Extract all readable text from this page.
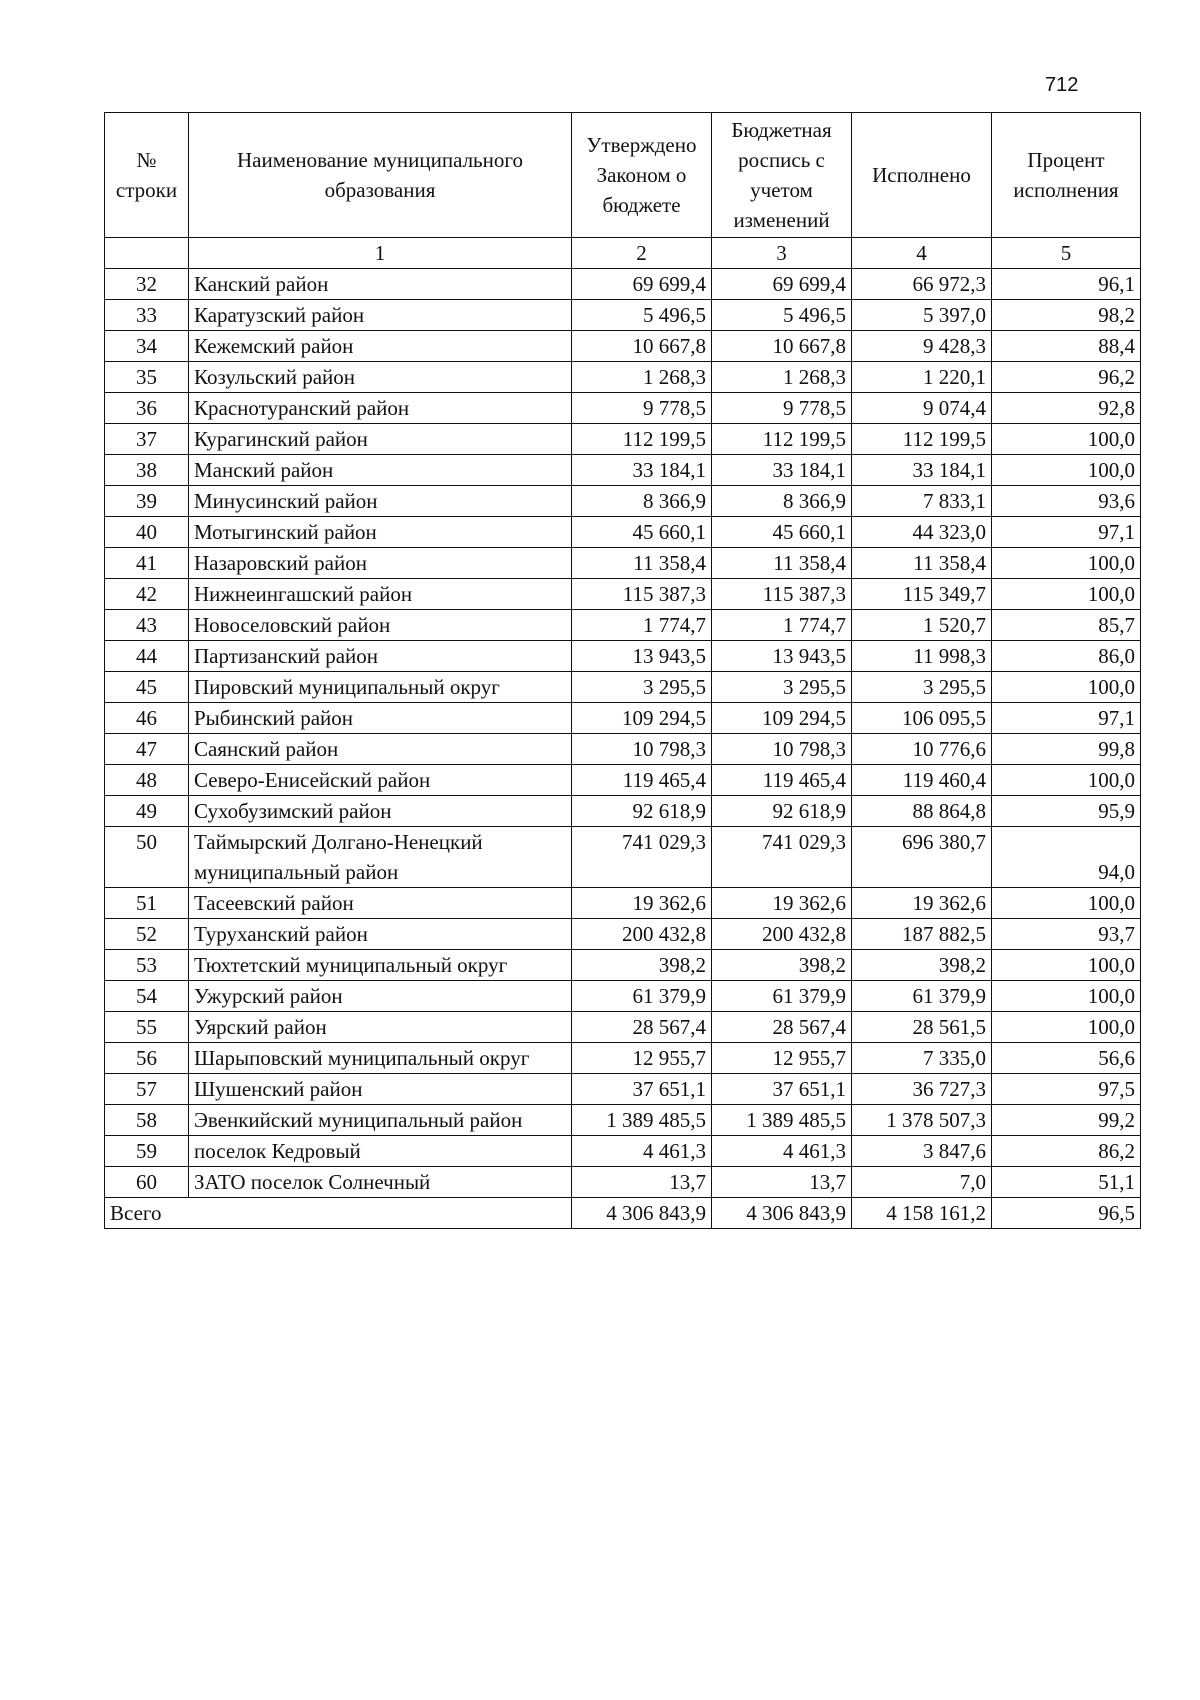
712
№ строки	Наименование муниципального образования	Утверждено Законом о бюджете	Бюджетная роспись с учетом изменений	Исполнено	Процент исполнения
	1	2	3	4	5
32	Канский район	69 699,4	69 699,4	66 972,3	96,1
33	Каратузский район	5 496,5	5 496,5	5 397,0	98,2
34	Кежемский район	10 667,8	10 667,8	9 428,3	88,4
35	Козульский район	1 268,3	1 268,3	1 220,1	96,2
36	Краснотуранский район	9 778,5	9 778,5	9 074,4	92,8
37	Курагинский район	112 199,5	112 199,5	112 199,5	100,0
38	Манский район	33 184,1	33 184,1	33 184,1	100,0
39	Минусинский район	8 366,9	8 366,9	7 833,1	93,6
40	Мотыгинский район	45 660,1	45 660,1	44 323,0	97,1
41	Назаровский район	11 358,4	11 358,4	11 358,4	100,0
42	Нижнеингашский район	115 387,3	115 387,3	115 349,7	100,0
43	Новоселовский район	1 774,7	1 774,7	1 520,7	85,7
44	Партизанский район	13 943,5	13 943,5	11 998,3	86,0
45	Пировский муниципальный округ	3 295,5	3 295,5	3 295,5	100,0
46	Рыбинский район	109 294,5	109 294,5	106 095,5	97,1
47	Саянский район	10 798,3	10 798,3	10 776,6	99,8
48	Северо-Енисейский район	119 465,4	119 465,4	119 460,4	100,0
49	Сухобузимский район	92 618,9	92 618,9	88 864,8	95,9
50	Таймырский Долгано-Ненецкий муниципальный район	741 029,3	741 029,3	696 380,7	94,0
51	Тасеевский район	19 362,6	19 362,6	19 362,6	100,0
52	Туруханский район	200 432,8	200 432,8	187 882,5	93,7
53	Тюхтетский муниципальный округ	398,2	398,2	398,2	100,0
54	Ужурский район	61 379,9	61 379,9	61 379,9	100,0
55	Уярский район	28 567,4	28 567,4	28 561,5	100,0
56	Шарыповский муниципальный округ	12 955,7	12 955,7	7 335,0	56,6
57	Шушенский район	37 651,1	37 651,1	36 727,3	97,5
58	Эвенкийский муниципальный район	1 389 485,5	1 389 485,5	1 378 507,3	99,2
59	поселок Кедровый	4 461,3	4 461,3	3 847,6	86,2
60	ЗАТО поселок Солнечный	13,7	13,7	7,0	51,1
Всего		4 306 843,9	4 306 843,9	4 158 161,2	96,5
